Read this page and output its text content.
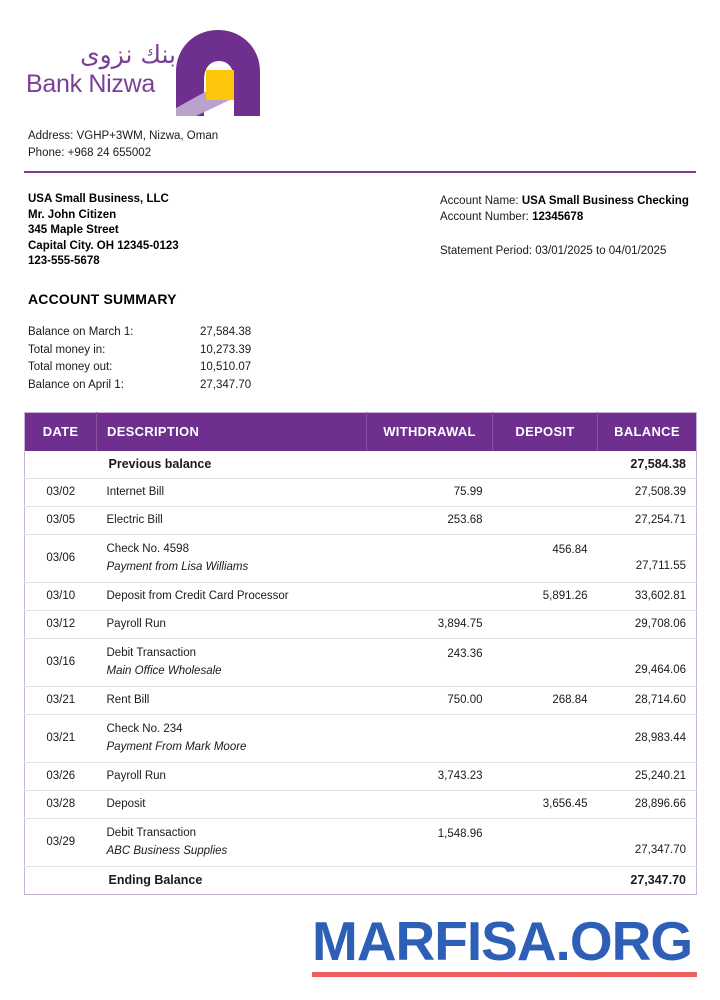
بنك نزوى
Bank Nizwa
Address: VGHP+3WM, Nizwa, Oman
Phone: +968 24 655002
USA Small Business, LLC
Mr. John Citizen
345 Maple Street
Capital City. OH 12345-0123
123-555-5678
Account Name: USA Small Business Checking
Account Number: 12345678
Statement Period: 03/01/2025 to 04/01/2025
ACCOUNT SUMMARY
Balance on March 1:	27,584.38
Total money in:	10,273.39
Total money out:	10,510.07
Balance on April 1:	27,347.70
DATE	DESCRIPTION	WITHDRAWAL	DEPOSIT	BALANCE
	Previous balance			27,584.38
03/02	Internet Bill	75.99		27,508.39
03/05	Electric Bill	253.68		27,254.71
03/06	Check No. 4598
Payment from Lisa Williams		456.84	27,711.55
03/10	Deposit from Credit Card Processor		5,891.26	33,602.81
03/12	Payroll Run	3,894.75		29,708.06
03/16	Debit Transaction
Main Office Wholesale	243.36		29,464.06
03/21	Rent Bill	750.00	268.84	28,714.60
03/21	Check No. 234
Payment From Mark Moore			28,983.44
03/26	Payroll Run	3,743.23		25,240.21
03/28	Deposit		3,656.45	28,896.66
03/29	Debit Transaction
ABC Business Supplies	1,548.96		27,347.70
	Ending Balance			27,347.70
MARFISA.ORG
